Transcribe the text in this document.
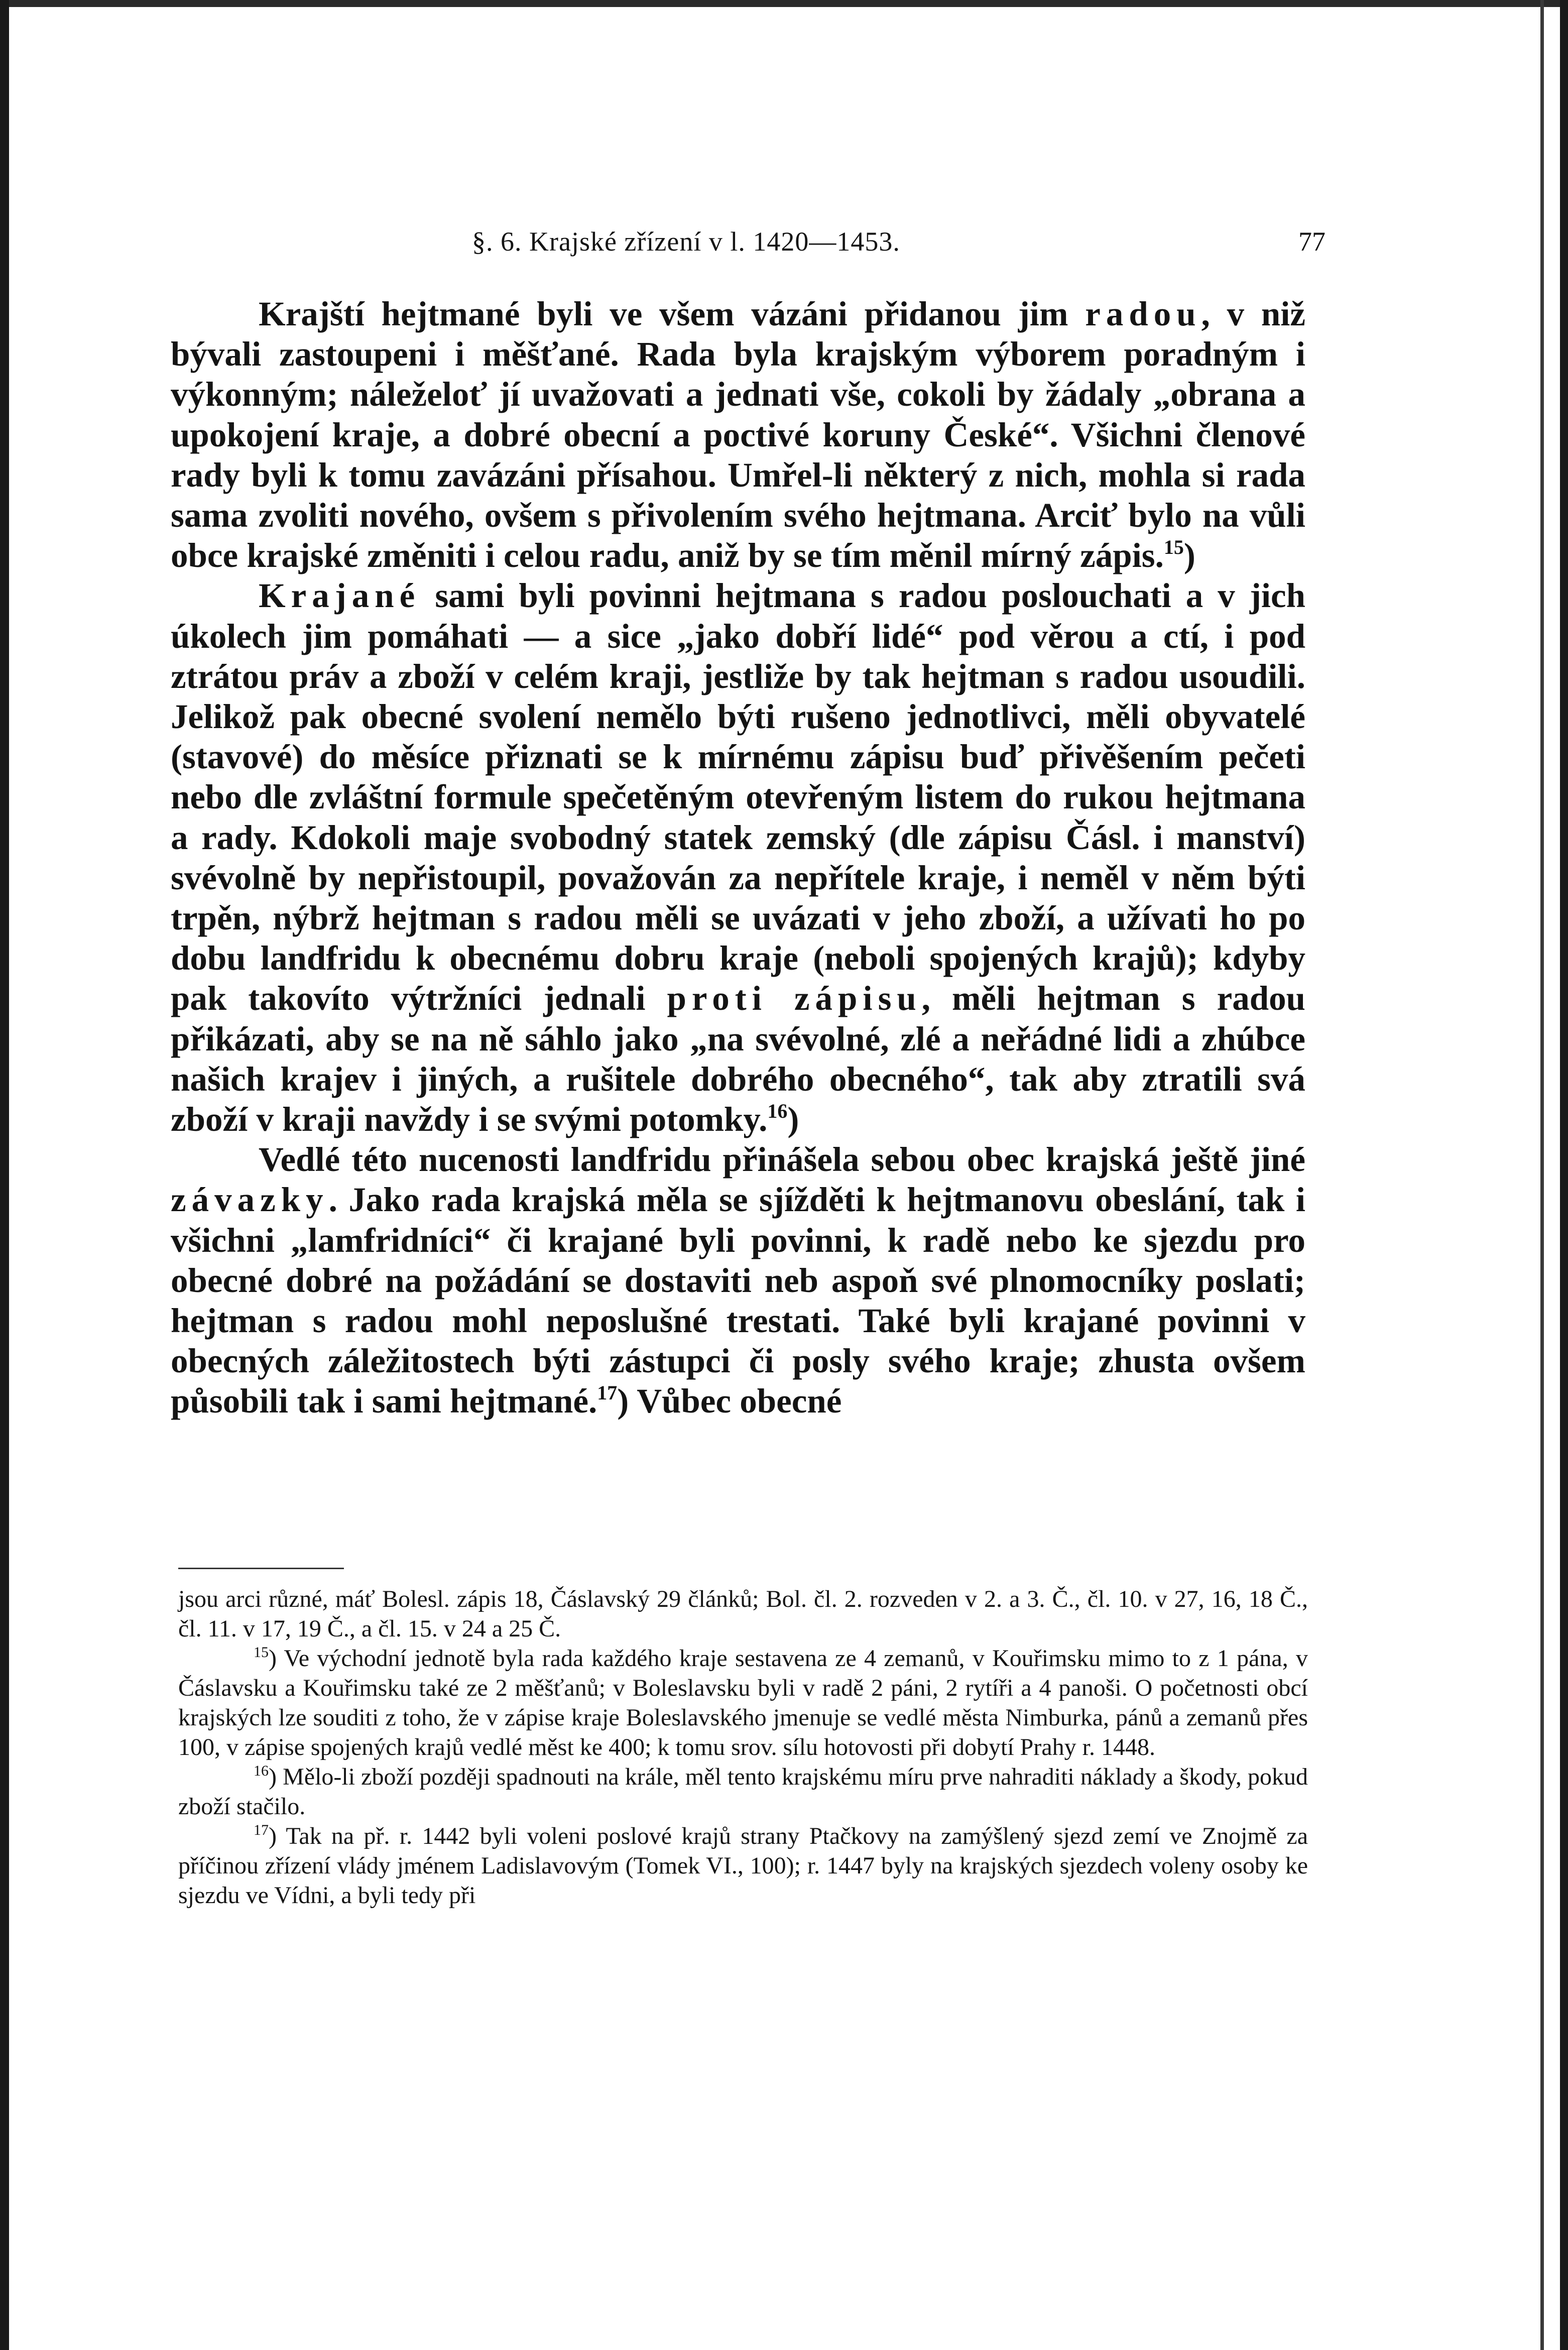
§. 6. Krajské zřízení v l. 1420—1453.	77

Krajští hejtmané byli ve všem vázáni přidanou jim radou, v niž bývali zastoupeni i měšťané. Rada byla krajským výborem poradným i výkonným; náleželoť jí uvažovati a jednati vše, cokoli by žádaly „obrana a upokojení kraje, a dobré obecní a poctivé koruny České“. Všichni členové rady byli k tomu zavázáni přísahou. Umřel-li některý z nich, mohla si rada sama zvoliti nového, ovšem s přivolením svého hejtmana. Arciť bylo na vůli obce krajské změniti i celou radu, aniž by se tím měnil mírný zápis.$^{15}$)

Krajané sami byli povinni hejtmana s radou poslouchati a v jich úkolech jim pomáhati — a sice „jako dobří lidé“ pod věrou a ctí, i pod ztrátou práv a zboží v celém kraji, jestliže by tak hejtman s radou usoudili. Jelikož pak obecné svolení nemělo býti rušeno jednotlivci, měli obyvatelé (stavové) do měsíce přiznati se k mírnému zápisu buď přivěšením pečeti nebo dle zvláštní formule spečetěným otevřeným listem do rukou hejtmana a rady. Kdokoli maje svobodný statek zemský (dle zápisu Čásl. i manství) svévolně by nepřistoupil, považován za nepřítele kraje, i neměl v něm býti trpěn, nýbrž hejtman s radou měli se uvázati v jeho zboží, a užívati ho po dobu landfridu k obecnému dobru kraje (neboli spojených krajů); kdyby pak takovíto výtržníci jednali proti zápisu, měli hejtman s radou přikázati, aby se na ně sáhlo jako „na svévolné, zlé a neřádné lidi a zhúbce našich krajev i jiných, a rušitele dobrého obecného“, tak aby ztratili svá zboží v kraji navždy i se svými potomky.$^{16}$)

Vedlé této nucenosti landfridu přinášela sebou obec krajská ještě jiné závazky. Jako rada krajská měla se sjížděti k hejtmanovu obeslání, tak i všichni „lamfridníci“ či krajané byli povinni, k radě nebo ke sjezdu pro obecné dobré na požádání se dostaviti neb aspoň své plnomocníky poslati; hejtman s radou mohl neposlušné trestati. Také byli krajané povinni v obecných záležitostech býti zástupci či posly svého kraje; zhusta ovšem působili tak i sami hejtmané.$^{17}$) Vůbec obecné

jsou arci různé, máť Bolesl. zápis 18, Čáslavský 29 článků; Bol. čl. 2. rozveden v 2. a 3. Č., čl. 10. v 27, 16, 18 Č., čl. 11. v 17, 19 Č., a čl. 15. v 24 a 25 Č.

$^{15}$) Ve východní jednotě byla rada každého kraje sestavena ze 4 zemanů, v Kouřimsku mimo to z 1 pána, v Čáslavsku a Kouřimsku také ze 2 měšťanů; v Boleslavsku byli v radě 2 páni, 2 rytíři a 4 panoši. O početnosti obcí krajských lze souditi z toho, že v zápise kraje Boleslavského jmenuje se vedlé města Nimburka, pánů a zemanů přes 100, v zápise spojených krajů vedlé měst ke 400; k tomu srov. sílu hotovosti při dobytí Prahy r. 1448.

$^{16}$) Mělo-li zboží později spadnouti na krále, měl tento krajskému míru prve nahraditi náklady a škody, pokud zboží stačilo.

$^{17}$) Tak na př. r. 1442 byli voleni poslové krajů strany Ptačkovy na zamýšlený sjezd zemí ve Znojmě za příčinou zřízení vlády jménem Ladislavovým (Tomek VI., 100); r. 1447 byly na krajských sjezdech voleny osoby ke sjezdu ve Vídni, a byli tedy při
